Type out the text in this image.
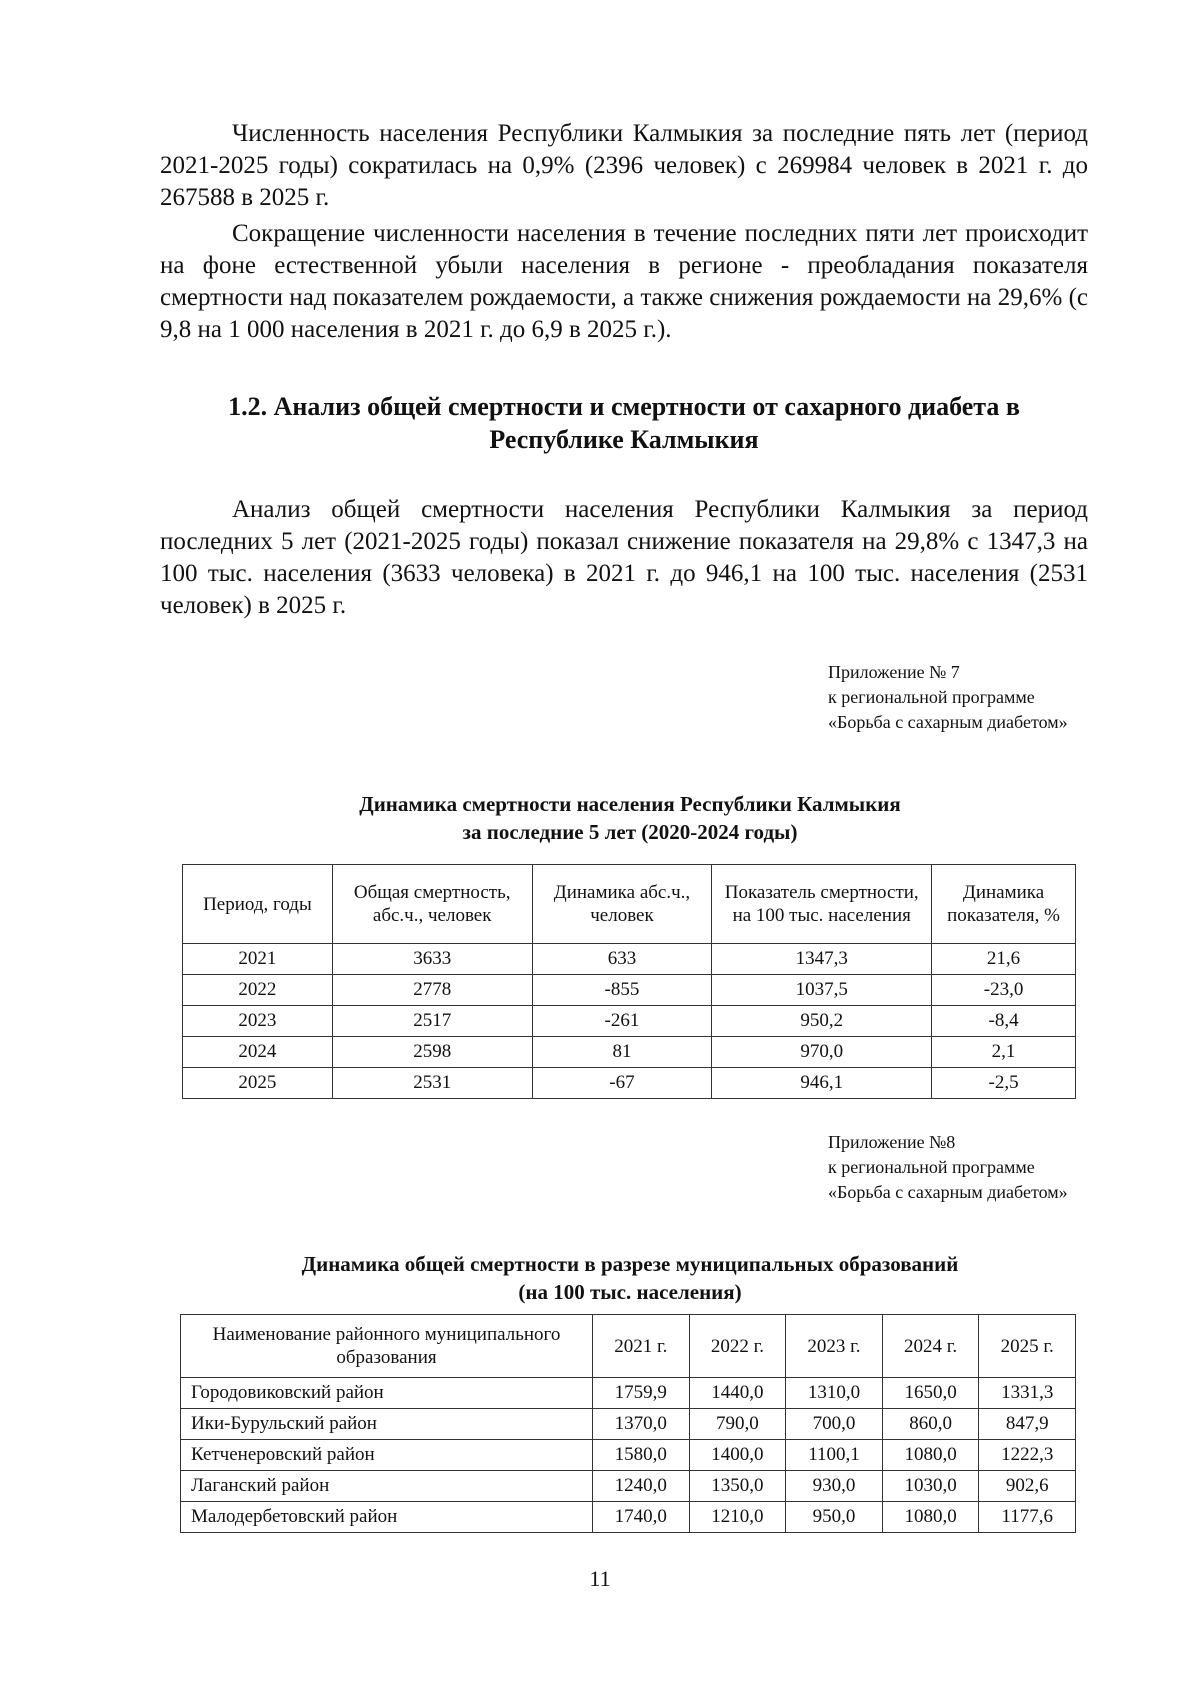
Численность населения Республики Калмыкия за последние пять лет (период 2021-2025 годы) сократилась на 0,9% (2396 человек) с 269984 человек в 2021 г. до 267588 в 2025 г.

Сокращение численности населения в течение последних пяти лет происходит на фоне естественной убыли населения в регионе - преобладания показателя смертности над показателем рождаемости, а также снижения рождаемости на 29,6% (с 9,8 на 1 000 населения в 2021 г. до 6,9 в 2025 г.).

1.2. Анализ общей смертности и смертности от сахарного диабета в
Республике Калмыкия

Анализ общей смертности населения Республики Калмыкия за период последних 5 лет (2021-2025 годы) показал снижение показателя на 29,8% с 1347,3 на 100 тыс. населения (3633 человека) в 2021 г. до 946,1 на 100 тыс. населения (2531 человек) в 2025 г.

Приложение № 7
к региональной программе
«Борьба с сахарным диабетом»
Динамика смертности населения Республики Калмыкия
за последние 5 лет (2020-2024 годы)
Период, годы	Общая смертность, абс.ч., человек	Динамика абс.ч., человек	Показатель смертности, на 100 тыс. населения	Динамика показателя, %
2021	3633	633	1347,3	21,6
2022	2778	-855	1037,5	-23,0
2023	2517	-261	950,2	-8,4
2024	2598	81	970,0	2,1
2025	2531	-67	946,1	-2,5
Приложение №8
к региональной программе
«Борьба с сахарным диабетом»
Динамика общей смертности в разрезе муниципальных образований
(на 100 тыс. населения)
Наименование районного муниципального образования	2021 г.	2022 г.	2023 г.	2024 г.	2025 г.
Городовиковский район	1759,9	1440,0	1310,0	1650,0	1331,3
Ики-Бурульский район	1370,0	790,0	700,0	860,0	847,9
Кетченеровский район	1580,0	1400,0	1100,1	1080,0	1222,3
Лаганский район	1240,0	1350,0	930,0	1030,0	902,6
Малодербетовский район	1740,0	1210,0	950,0	1080,0	1177,6
11
